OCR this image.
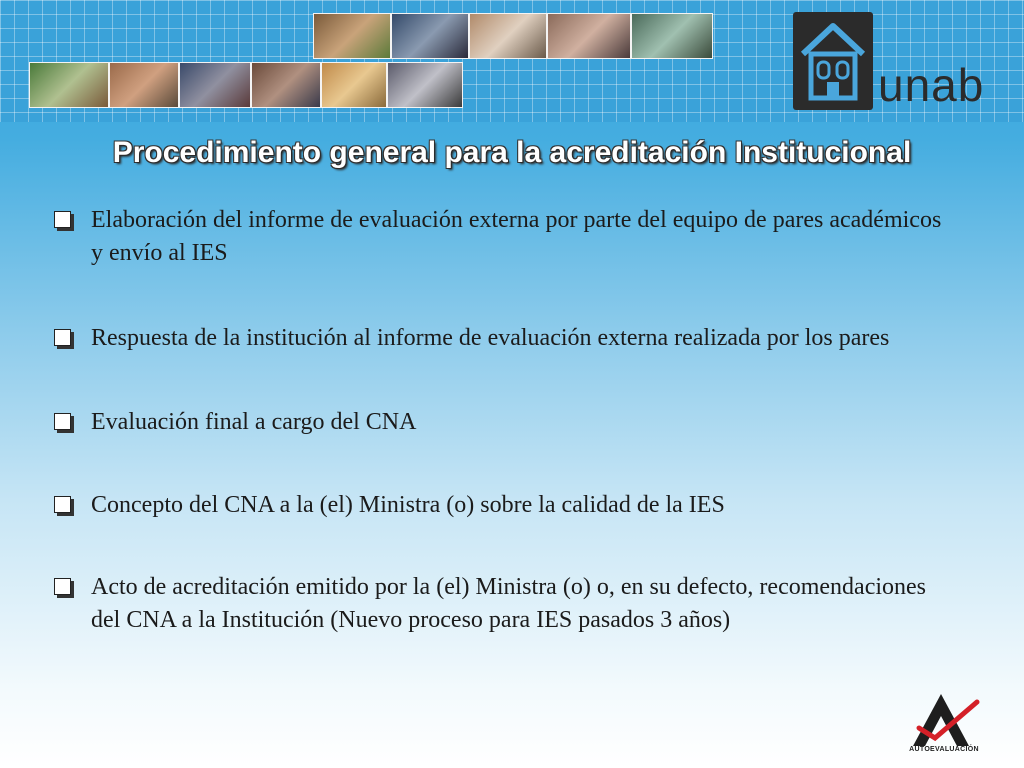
unab
Procedimiento general para la acreditación Institucional
Elaboración del informe de evaluación externa por parte del equipo de pares académicos y envío al IES
Respuesta de la institución al informe de evaluación externa realizada por los pares
Evaluación final a cargo del CNA
Concepto del CNA a la (el) Ministra (o) sobre la calidad de la IES
Acto de acreditación emitido por la (el) Ministra (o) o, en su defecto, recomendaciones del CNA a la Institución (Nuevo proceso para IES pasados 3 años)
AUTOEVALUACIÓN
